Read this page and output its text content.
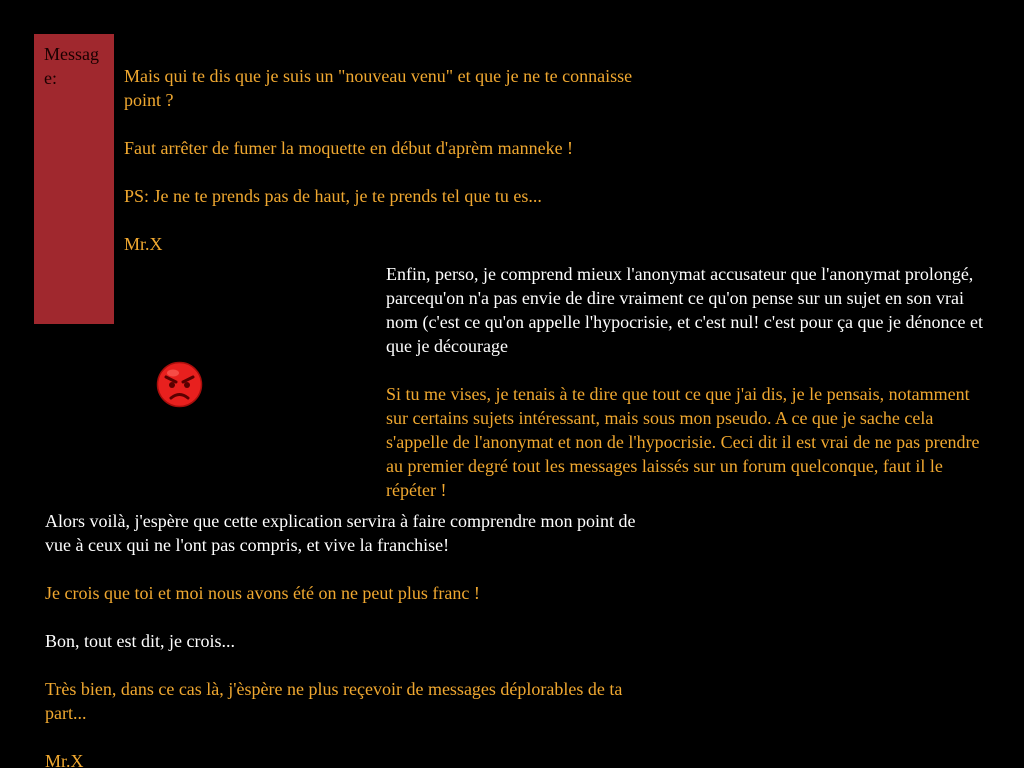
Message:	Mais qui te dis que je suis un "nouveau venu" et que je ne te connaisse point ?

Faut arrêter de fumer la moquette en début d'aprèm manneke !

PS: Je ne te prends pas de haut, je te prends tel que tu es...

Mr.X

Enfin, perso, je comprend mieux l'anonymat accusateur que l'anonymat prolongé, parcequ'on n'a pas envie de dire vraiment ce qu'on pense sur un sujet en son vrai nom (c'est ce qu'on appelle l'hypocrisie, et c'est nul! c'est pour ça que je dénonce et que je décourage

Si tu me vises, je tenais à te dire que tout ce que j'ai dis, je le pensais, notamment sur certains sujets intéressant, mais sous mon pseudo. A ce que je sache cela s'appelle de l'anonymat et non de l'hypocrisie. Ceci dit il est vrai de ne pas prendre au premier degré tout les messages laissés sur un forum quelconque, faut il le répéter !

Alors voilà, j'espère que cette explication servira à faire comprendre mon point de vue à ceux qui ne l'ont pas compris, et vive la franchise!

Je crois que toi et moi nous avons été on ne peut plus franc !

Bon, tout est dit, je crois...

Très bien, dans ce cas là, j'èspère ne plus reçevoir de messages déplorables de ta part...

Mr.X
